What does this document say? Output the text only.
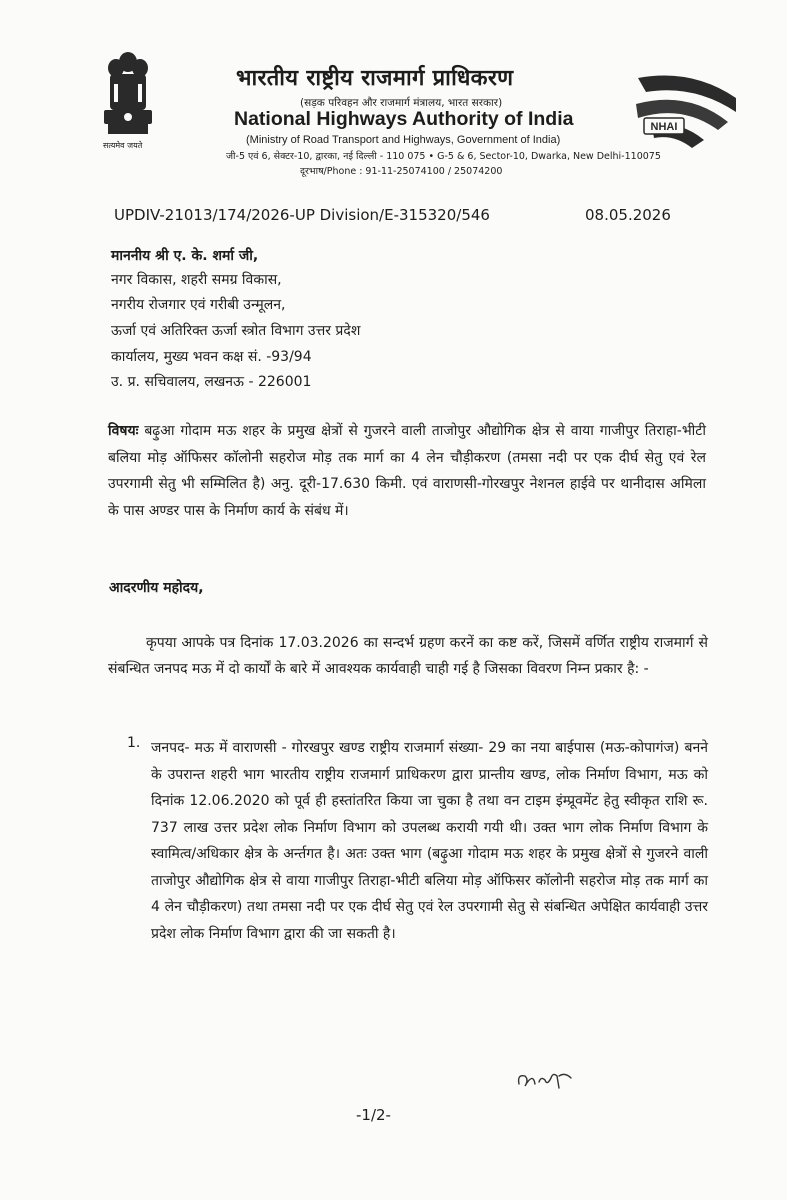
सत्यमेव जयते
भारतीय राष्ट्रीय राजमार्ग प्राधिकरण
(सड़क परिवहन और राजमार्ग मंत्रालय, भारत सरकार)
National Highways Authority of India
(Ministry of Road Transport and Highways, Government of India)
जी-5 एवं 6, सेक्टर-10, द्वारका, नई दिल्ली - 110 075 • G-5 & 6, Sector-10, Dwarka, New Delhi-110075
दूरभाष/Phone : 91-11-25074100 / 25074200
NHAI
UPDIV-21013/174/2026-UP Division/E-315320/546	08.05.2026
माननीय श्री ए. के. शर्मा जी,
नगर विकास, शहरी समग्र विकास,
नगरीय रोजगार एवं गरीबी उन्मूलन,
ऊर्जा एवं अतिरिक्त ऊर्जा स्त्रोत विभाग उत्तर प्रदेश
कार्यालय, मुख्य भवन कक्ष सं. -93/94
उ. प्र. सचिवालय, लखनऊ - 226001
विषयः बढ़ुआ गोदाम मऊ शहर के प्रमुख क्षेत्रों से गुजरने वाली ताजोपुर औद्योगिक क्षेत्र से वाया गाजीपुर तिराहा-भीटी बलिया मोड़ ऑफिसर कॉलोनी सहरोज मोड़ तक मार्ग का 4 लेन चौड़ीकरण (तमसा नदी पर एक दीर्घ सेतु एवं रेल उपरगामी सेतु भी सम्मिलित है) अनु. दूरी-17.630 किमी. एवं वाराणसी-गोरखपुर नेशनल हाईवे पर थानीदास अमिला के पास अण्डर पास के निर्माण कार्य के संबंध में।
आदरणीय महोदय,
कृपया आपके पत्र दिनांक 17.03.2026 का सन्दर्भ ग्रहण करनें का कष्ट करें, जिसमें वर्णित राष्ट्रीय राजमार्ग से संबन्धित जनपद मऊ में दो कार्यों के बारे में आवश्यक कार्यवाही चाही गई है जिसका विवरण निम्न प्रकार है: -
1. जनपद- मऊ में वाराणसी - गोरखपुर खण्ड राष्ट्रीय राजमार्ग संख्या- 29 का नया बाईपास (मऊ-कोपागंज) बनने के उपरान्त शहरी भाग भारतीय राष्ट्रीय राजमार्ग प्राधिकरण द्वारा प्रान्तीय खण्ड, लोक निर्माण विभाग, मऊ को दिनांक 12.06.2020 को पूर्व ही हस्तांतरित किया जा चुका है तथा वन टाइम इंम्प्रूवमेंट हेतु स्वीकृत राशि रू. 737 लाख उत्तर प्रदेश लोक निर्माण विभाग को उपलब्ध करायी गयी थी। उक्त भाग लोक निर्माण विभाग के स्वामित्व/अधिकार क्षेत्र के अर्न्तगत है। अतः उक्त भाग (बढ़ुआ गोदाम मऊ शहर के प्रमुख क्षेत्रों से गुजरने वाली ताजोपुर औद्योगिक क्षेत्र से वाया गाजीपुर तिराहा-भीटी बलिया मोड़ ऑफिसर कॉलोनी सहरोज मोड़ तक मार्ग का 4 लेन चौड़ीकरण) तथा तमसा नदी पर एक दीर्घ सेतु एवं रेल उपरगामी सेतु से संबन्धित अपेक्षित कार्यवाही उत्तर प्रदेश लोक निर्माण विभाग द्वारा की जा सकती है।
-1/2-
